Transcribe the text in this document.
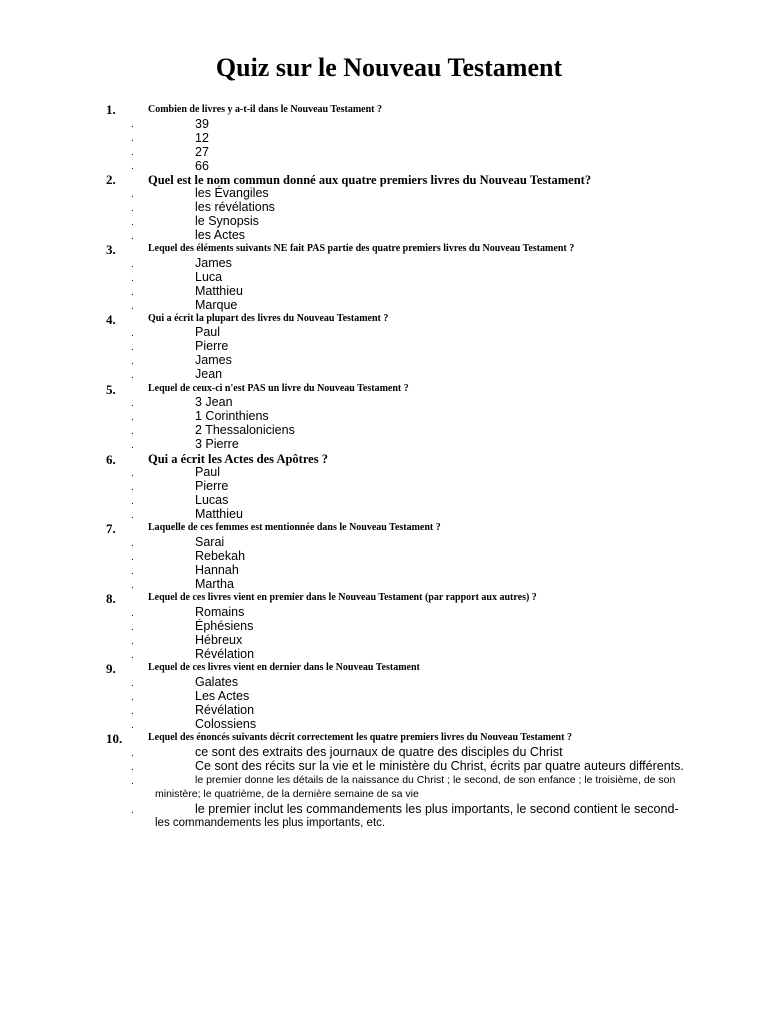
Quiz sur le Nouveau Testament
1.	Combien de livres y a-t-il dans le Nouveau Testament ?
.	39
.	12
.	27
.	66
2.	Quel est le nom commun donné aux quatre premiers livres du Nouveau Testament?
.	les Évangiles
.	les révélations
.	le Synopsis
.	les Actes
3.	Lequel des éléments suivants NE fait PAS partie des quatre premiers livres du Nouveau Testament ?
.	James
.	Luca
.	Matthieu
.	Marque
4.	Qui a écrit la plupart des livres du Nouveau Testament ?
.	Paul
.	Pierre
.	James
.	Jean
5.	Lequel de ceux-ci n'est PAS un livre du Nouveau Testament ?
.	3 Jean
.	1 Corinthiens
.	2 Thessaloniciens
.	3 Pierre
6.	Qui a écrit les Actes des Apôtres ?
.	Paul
.	Pierre
.	Lucas
.	Matthieu
7.	Laquelle de ces femmes est mentionnée dans le Nouveau Testament ?
.	Sarai
.	Rebekah
.	Hannah
.	Martha
8.	Lequel de ces livres vient en premier dans le Nouveau Testament (par rapport aux autres) ?
.	Romains
.	Éphésiens
.	Hébreux
.	Révélation
9.	Lequel de ces livres vient en dernier dans le Nouveau Testament
.	Galates
.	Les Actes
.	Révélation
.	Colossiens
10.	Lequel des énoncés suivants décrit correctement les quatre premiers livres du Nouveau Testament ?
.	ce sont des extraits des journaux de quatre des disciples du Christ
.	Ce sont des récits sur la vie et le ministère du Christ, écrits par quatre auteurs différents.
.	le premier donne les détails de la naissance du Christ ; le second, de son enfance ; le troisième, de son
ministère; le quatrième, de la dernière semaine de sa vie
.	le premier inclut les commandements les plus importants, le second contient le second-
les commandements les plus importants, etc.
